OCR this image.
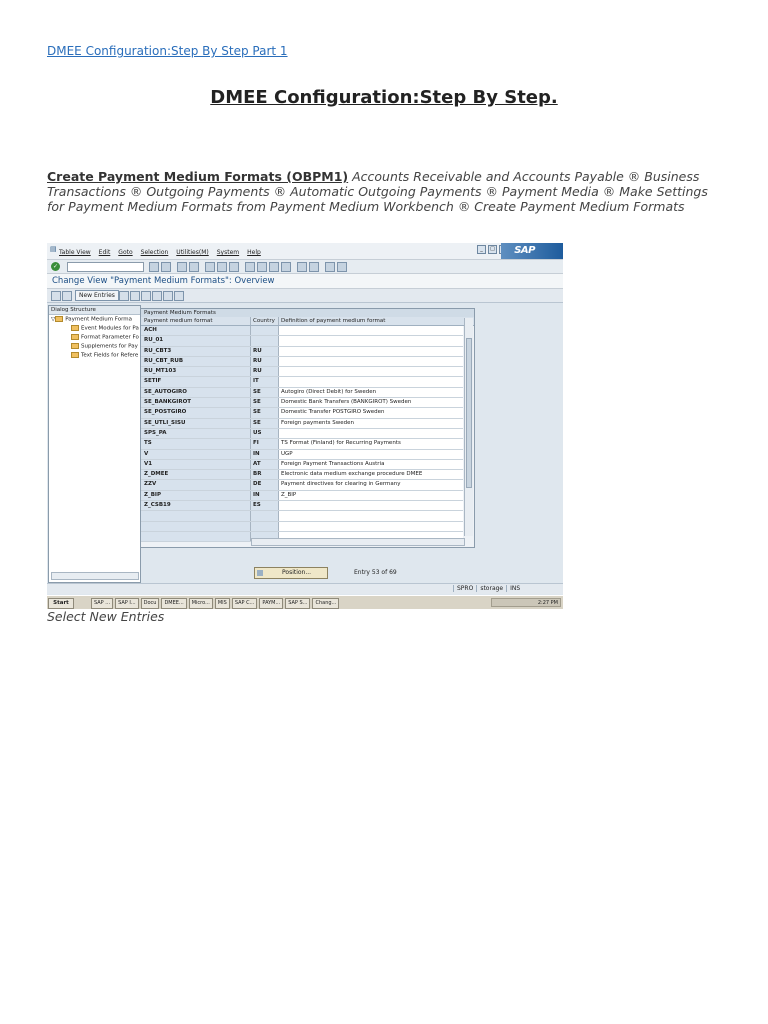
DMEE Configuration:Step By Step Part 1
DMEE Configuration:Step By Step.
Create Payment Medium Formats (OBPM1) Accounts Receivable and Accounts Payable ® Business Transactions ® Outgoing Payments ® Automatic Outgoing Payments ® Payment Media ® Make Settings for Payment Medium Formats from Payment Medium Workbench ® Create Payment Medium Formats
▤ Table View Edit Goto Selection Utilities(M) System Help	_	□ SAP
✓
Change View "Payment Medium Formats": Overview
New Entries
Dialog Structure
▽ Payment Medium Forma
Event Modules for Pa
Format Parameter Fo
Supplements for Pay
Text Fields for Refere
Payment Medium Formats
Payment medium format	Country	Definition of payment medium format
ACH
RU_01
RU_CBT3	RU
RU_CBT_RUB	RU
RU_MT103	RU
SETIF	IT
SE_AUTOGIRO	SE	Autogiro (Direct Debit) for Sweden
SE_BANKGIROT	SE	Domestic Bank Transfers (BANKGIROT) Sweden
SE_POSTGIRO	SE	Domestic Transfer POSTGIRO Sweden
SE_UTLI_SISU	SE	Foreign payments Sweden
SPS_PA	US
TS	FI	TS Format (Finland) for Recurring Payments
V	IN	UGP
V1	AT	Foreign Payment Transactions Austria
Z_DMEE	BR	Electronic data medium exchange procedure DMEE
ZZV	DE	Payment directives for clearing in Germany
Z_BIP	IN	Z_BIP
Z_CSB19	ES
Position...	Entry 53 of 69
SPRO	storage	INS
Start	SAP ...	SAP I...	Docu	DMEE...	Micro...	MIS	SAP C...	PAYM...	SAP S...	Chang...	2:27 PM
Select New Entries
